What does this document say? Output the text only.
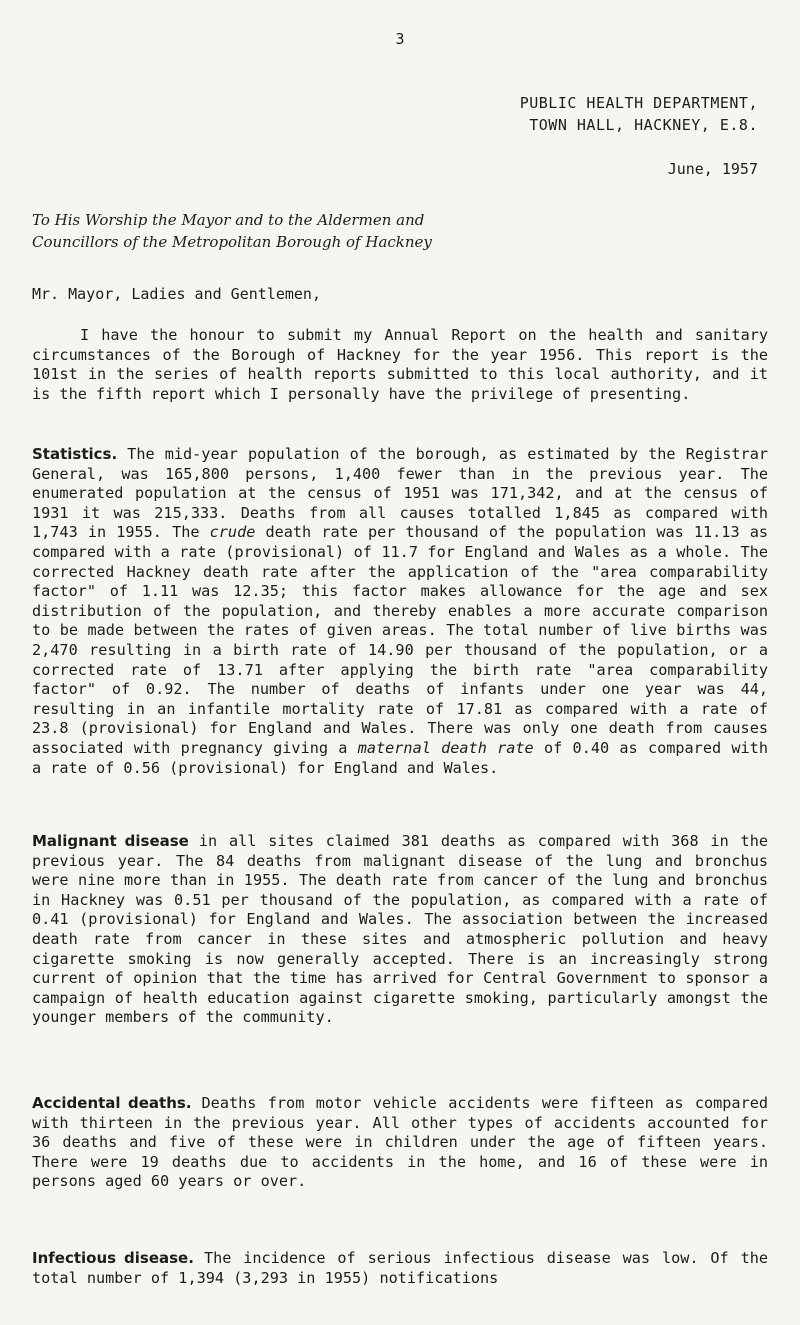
3
PUBLIC HEALTH DEPARTMENT,
TOWN HALL, HACKNEY, E.8.
June, 1957
To His Worship the Mayor and to the Aldermen and
Councillors of the Metropolitan Borough of Hackney
Mr. Mayor, Ladies and Gentlemen,
I have the honour to submit my Annual Report on the health and sanitary circumstances of the Borough of Hackney for the year 1956. This report is the 101st in the series of health reports submitted to this local authority, and it is the fifth report which I personally have the privilege of presenting.
Statistics. The mid-year population of the borough, as estimated by the Registrar General, was 165,800 persons, 1,400 fewer than in the previous year. The enumerated population at the census of 1951 was 171,342, and at the census of 1931 it was 215,333. Deaths from all causes totalled 1,845 as compared with 1,743 in 1955. The crude death rate per thousand of the population was 11.13 as compared with a rate (provisional) of 11.7 for England and Wales as a whole. The corrected Hackney death rate after the application of the "area comparability factor" of 1.11 was 12.35; this factor makes allowance for the age and sex distribution of the population, and thereby enables a more accurate comparison to be made between the rates of given areas. The total number of live births was 2,470 resulting in a birth rate of 14.90 per thousand of the population, or a corrected rate of 13.71 after applying the birth rate "area comparability factor" of 0.92. The number of deaths of infants under one year was 44, resulting in an infantile mortality rate of 17.81 as compared with a rate of 23.8 (provisional) for England and Wales. There was only one death from causes associated with pregnancy giving a maternal death rate of 0.40 as compared with a rate of 0.56 (provisional) for England and Wales.
Malignant disease in all sites claimed 381 deaths as compared with 368 in the previous year. The 84 deaths from malignant disease of the lung and bronchus were nine more than in 1955. The death rate from cancer of the lung and bronchus in Hackney was 0.51 per thousand of the population, as compared with a rate of 0.41 (provisional) for England and Wales. The association between the increased death rate from cancer in these sites and atmospheric pollution and heavy cigarette smoking is now generally accepted. There is an increasingly strong current of opinion that the time has arrived for Central Government to sponsor a campaign of health education against cigarette smoking, particularly amongst the younger members of the community.
Accidental deaths. Deaths from motor vehicle accidents were fifteen as compared with thirteen in the previous year. All other types of accidents accounted for 36 deaths and five of these were in children under the age of fifteen years. There were 19 deaths due to accidents in the home, and 16 of these were in persons aged 60 years or over.
Infectious disease. The incidence of serious infectious disease was low. Of the total number of 1,394 (3,293 in 1955) notifications
